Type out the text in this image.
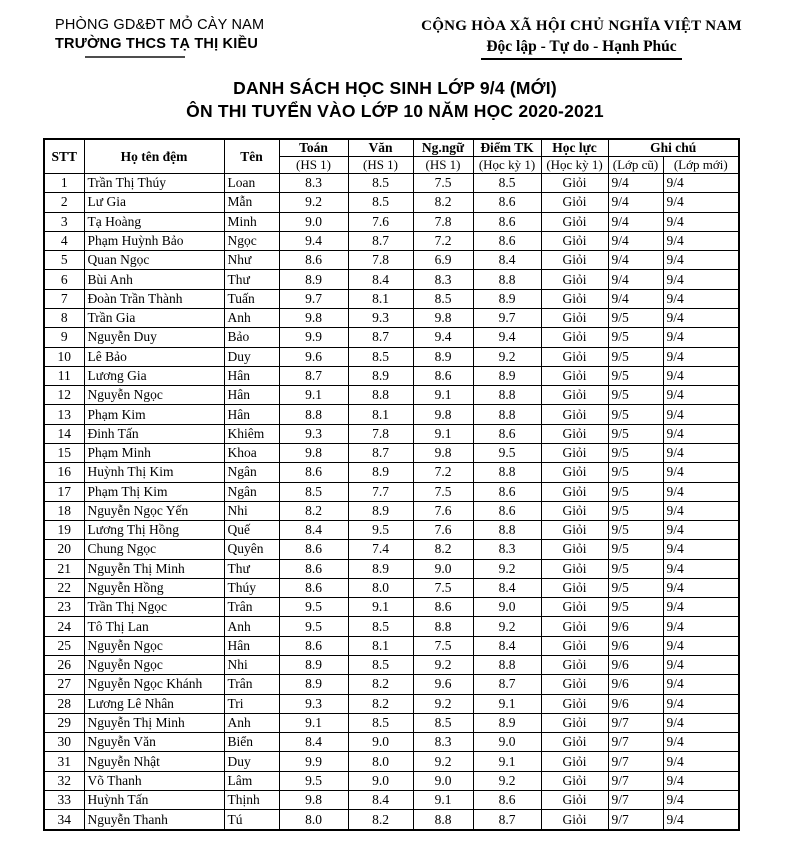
PHÒNG GD&ĐT MỎ CÀY NAM
TRƯỜNG THCS TẠ THỊ KIỀU
CỘNG HÒA XÃ HỘI CHỦ NGHĨA VIỆT NAM
Độc lập - Tự do - Hạnh Phúc
DANH SÁCH HỌC SINH LỚP 9/4 (MỚI)
ÔN THI TUYỂN VÀO LỚP 10 NĂM HỌC 2020-2021
STT	Họ tên đệm	Tên	Toán	Văn	Ng.ngữ	Điểm TK	Học lực	Ghi chú	
			(HS 1)	(HS 1)	(HS 1)	(Học kỳ 1)	(Học kỳ 1)	(Lớp cũ)	(Lớp mới)
1	Trần Thị Thúy	Loan	8.3	8.5	7.5	8.5	Giỏi	9/4	9/4
2	Lư Gia	Mẫn	9.2	8.5	8.2	8.6	Giỏi	9/4	9/4
3	Tạ Hoàng	Minh	9.0	7.6	7.8	8.6	Giỏi	9/4	9/4
4	Phạm Huỳnh Bảo	Ngọc	9.4	8.7	7.2	8.6	Giỏi	9/4	9/4
5	Quan Ngọc	Như	8.6	7.8	6.9	8.4	Giỏi	9/4	9/4
6	Bùi Anh	Thư	8.9	8.4	8.3	8.8	Giỏi	9/4	9/4
7	Đoàn Trần Thành	Tuấn	9.7	8.1	8.5	8.9	Giỏi	9/4	9/4
8	Trần Gia	Anh	9.8	9.3	9.8	9.7	Giỏi	9/5	9/4
9	Nguyễn Duy	Bảo	9.9	8.7	9.4	9.4	Giỏi	9/5	9/4
10	Lê Bảo	Duy	9.6	8.5	8.9	9.2	Giỏi	9/5	9/4
11	Lương Gia	Hân	8.7	8.9	8.6	8.9	Giỏi	9/5	9/4
12	Nguyễn Ngọc	Hân	9.1	8.8	9.1	8.8	Giỏi	9/5	9/4
13	Phạm Kim	Hân	8.8	8.1	9.8	8.8	Giỏi	9/5	9/4
14	Đinh Tấn	Khiêm	9.3	7.8	9.1	8.6	Giỏi	9/5	9/4
15	Phạm Minh	Khoa	9.8	8.7	9.8	9.5	Giỏi	9/5	9/4
16	Huỳnh Thị Kim	Ngân	8.6	8.9	7.2	8.8	Giỏi	9/5	9/4
17	Phạm Thị Kim	Ngân	8.5	7.7	7.5	8.6	Giỏi	9/5	9/4
18	Nguyễn Ngọc Yến	Nhi	8.2	8.9	7.6	8.6	Giỏi	9/5	9/4
19	Lương Thị Hồng	Quế	8.4	9.5	7.6	8.8	Giỏi	9/5	9/4
20	Chung Ngọc	Quyên	8.6	7.4	8.2	8.3	Giỏi	9/5	9/4
21	Nguyễn Thị Minh	Thư	8.6	8.9	9.0	9.2	Giỏi	9/5	9/4
22	Nguyễn Hồng	Thúy	8.6	8.0	7.5	8.4	Giỏi	9/5	9/4
23	Trần Thị Ngọc	Trân	9.5	9.1	8.6	9.0	Giỏi	9/5	9/4
24	Tô Thị Lan	Anh	9.5	8.5	8.8	9.2	Giỏi	9/6	9/4
25	Nguyễn Ngọc	Hân	8.6	8.1	7.5	8.4	Giỏi	9/6	9/4
26	Nguyễn Ngọc	Nhi	8.9	8.5	9.2	8.8	Giỏi	9/6	9/4
27	Nguyễn Ngọc Khánh	Trân	8.9	8.2	9.6	8.7	Giỏi	9/6	9/4
28	Lương Lê Nhân	Tri	9.3	8.2	9.2	9.1	Giỏi	9/6	9/4
29	Nguyễn Thị Minh	Anh	9.1	8.5	8.5	8.9	Giỏi	9/7	9/4
30	Nguyễn Văn	Biển	8.4	9.0	8.3	9.0	Giỏi	9/7	9/4
31	Nguyễn Nhật	Duy	9.9	8.0	9.2	9.1	Giỏi	9/7	9/4
32	Võ Thanh	Lâm	9.5	9.0	9.0	9.2	Giỏi	9/7	9/4
33	Huỳnh Tấn	Thịnh	9.8	8.4	9.1	8.6	Giỏi	9/7	9/4
34	Nguyễn Thanh	Tú	8.0	8.2	8.8	8.7	Giỏi	9/7	9/4
